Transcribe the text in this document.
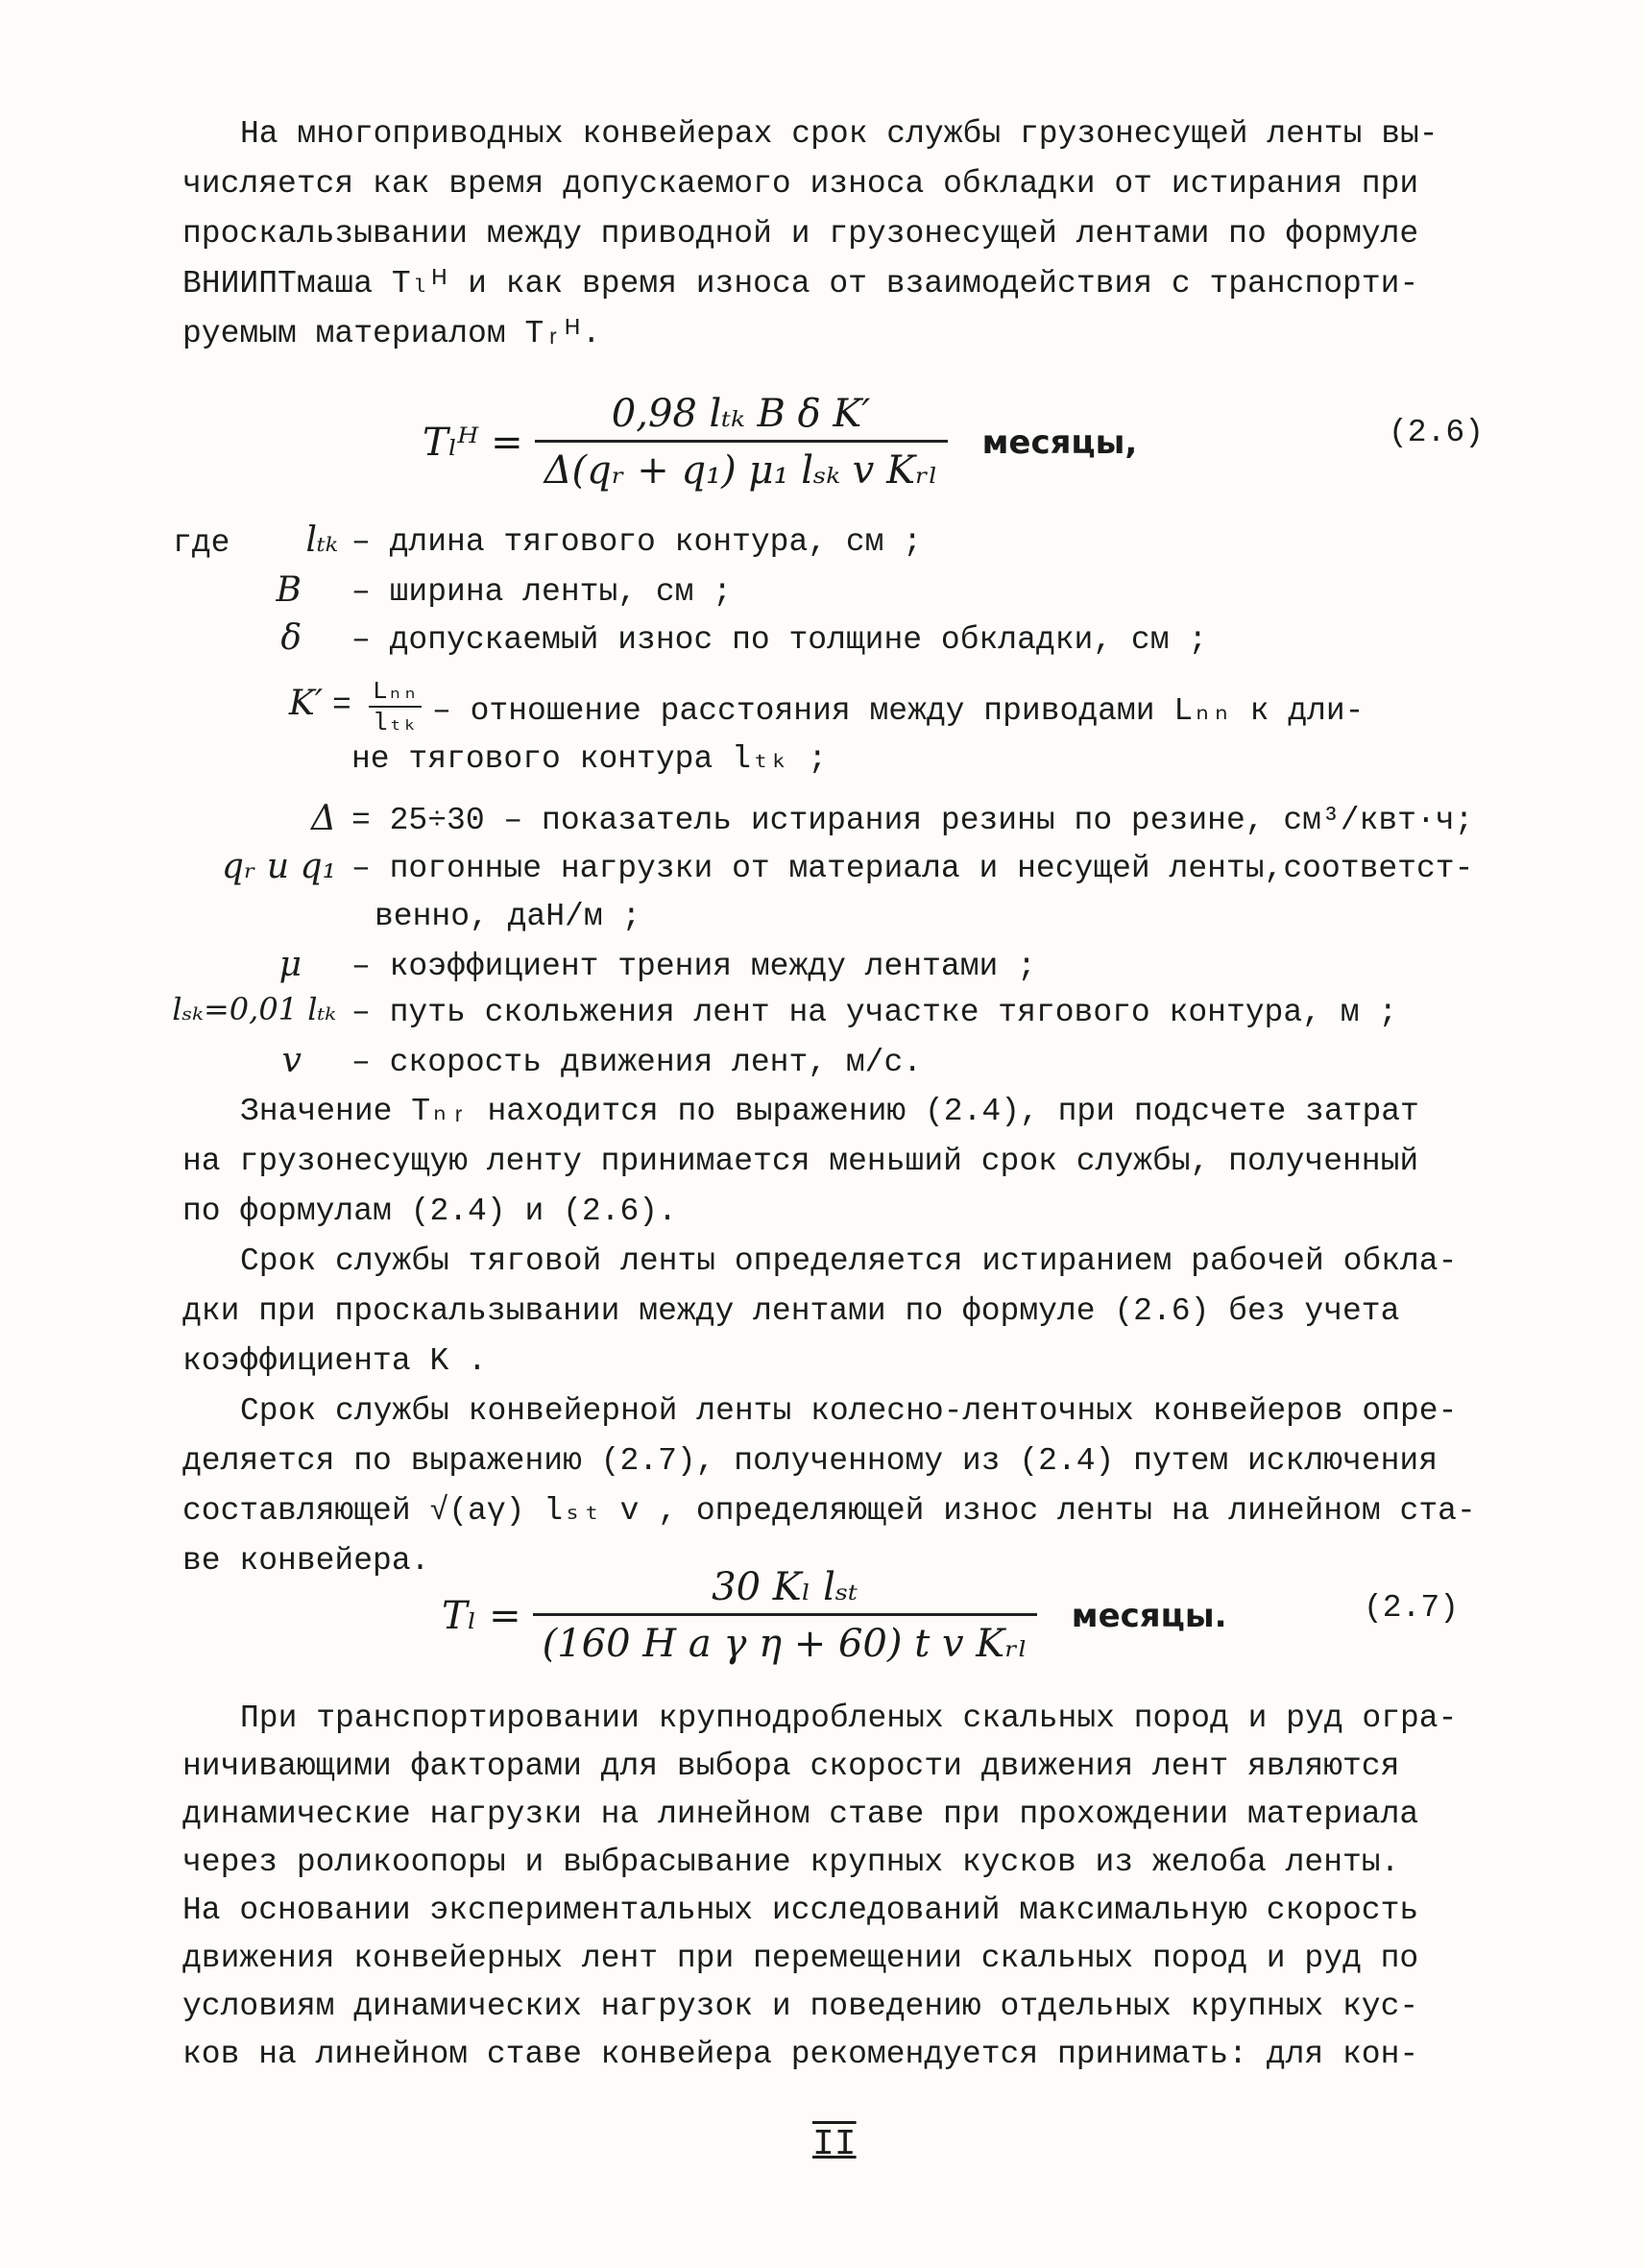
На многоприводных конвейерах срок службы грузонесущей ленты вы-
числяется как время допускаемого износа обкладки от истирания при
проскальзывании между приводной и грузонесущей лентами по формуле
ВНИИПТмаша Tₗᴴ и как время износа от взаимодействия с транспорти-
руемым материалом Tᵣᴴ.
Tₗᴴ = $\frac{\text{0,98 lₜₖ B δ K′}}{\text{Δ(qᵣ + q₁) μ₁ lₛₖ v Kᵣₗ}}$ месяцы,	(2.6)
где lₜₖ – длина тягового контура, см ;
B – ширина ленты, см ;
δ – допускаемый износ по толщине обкладки, см ;
K′ = Lₙₙ
lₜₖ – отношение расстояния между приводами Lₙₙ к дли-
не тягового контура lₜₖ ;
Δ = 25÷30 – показатель истирания резины по резине, см³/квт·ч;
qᵣ и q₁ – погонные нагрузки от материала и несущей ленты,соответст-
венно, даН/м ;
μ – коэффициент трения между лентами ;
lₛₖ=0,01 lₜₖ – путь скольжения лент на участке тягового контура, м ;
v – скорость движения лент, м/с.
Значение Tₙᵣ находится по выражению (2.4), при подсчете затрат
на грузонесущую ленту принимается меньший срок службы, полученный
по формулам (2.4) и (2.6).
Срок службы тяговой ленты определяется истиранием рабочей обкла-
дки при проскальзывании между лентами по формуле (2.6) без учета
коэффициента K .
Срок службы конвейерной ленты колесно-ленточных конвейеров опре-
деляется по выражению (2.7), полученному из (2.4) путем исключения
составляющей √(aγ) lₛₜ v , определяющей износ ленты на линейном ста-
ве конвейера.
$T_l = \frac{\text{30 Kₗ lₛₜ}}{\text{(160 H a γ η + 60) t v Kᵣₗ}}$ месяцы.	(2.7)
При транспортировании крупнодробленых скальных пород и руд огра-
ничивающими факторами для выбора скорости движения лент являются
динамические нагрузки на линейном ставе при прохождении материала
через роликоопоры и выбрасывание крупных кусков из желоба ленты.
На основании экспериментальных исследований максимальную скорость
движения конвейерных лент при перемещении скальных пород и руд по
условиям динамических нагрузок и поведению отдельных крупных кус-
ков на линейном ставе конвейера рекомендуется принимать: для кон-
II
